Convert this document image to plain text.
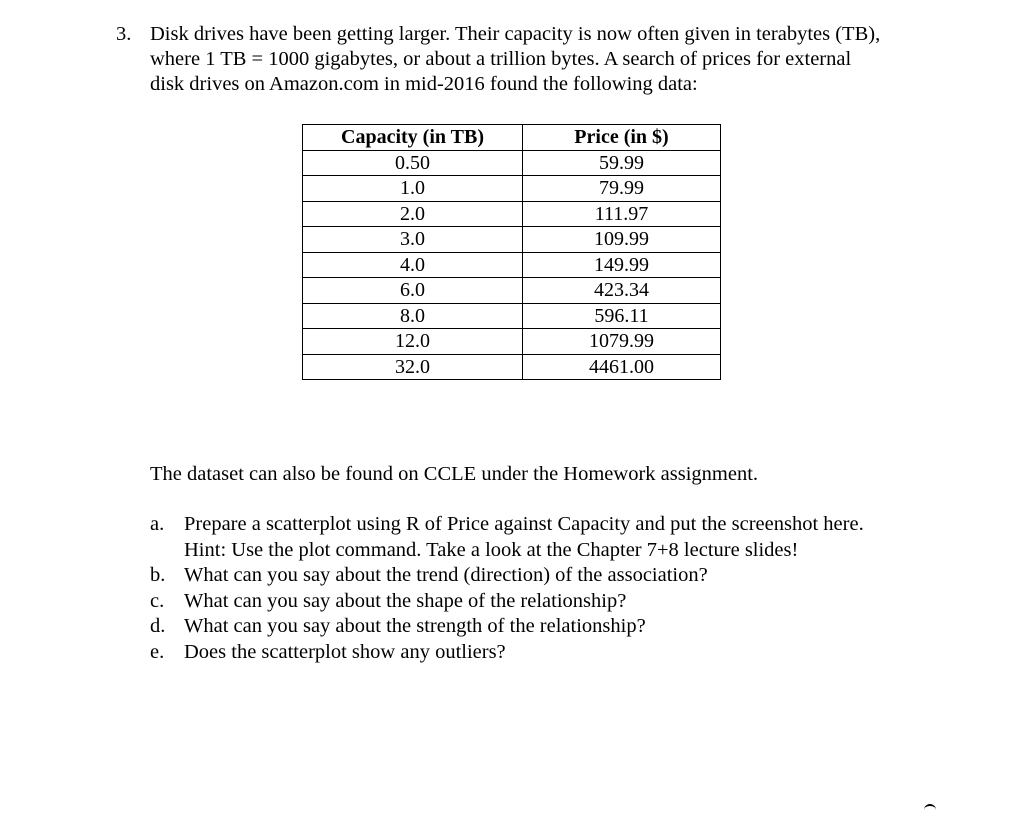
3. Disk drives have been getting larger. Their capacity is now often given in terabytes (TB),
where 1 TB = 1000 gigabytes, or about a trillion bytes. A search of prices for external
disk drives on Amazon.com in mid-2016 found the following data:
Capacity (in TB)	Price (in $)
0.50	59.99
1.0	79.99
2.0	111.97
3.0	109.99
4.0	149.99
6.0	423.34
8.0	596.11
12.0	1079.99
32.0	4461.00
The dataset can also be found on CCLE under the Homework assignment.
a. Prepare a scatterplot using R of Price against Capacity and put the screenshot here.
Hint: Use the plot command. Take a look at the Chapter 7+8 lecture slides!
b. What can you say about the trend (direction) of the association?
c. What can you say about the shape of the relationship?
d. What can you say about the strength of the relationship?
e. Does the scatterplot show any outliers?
